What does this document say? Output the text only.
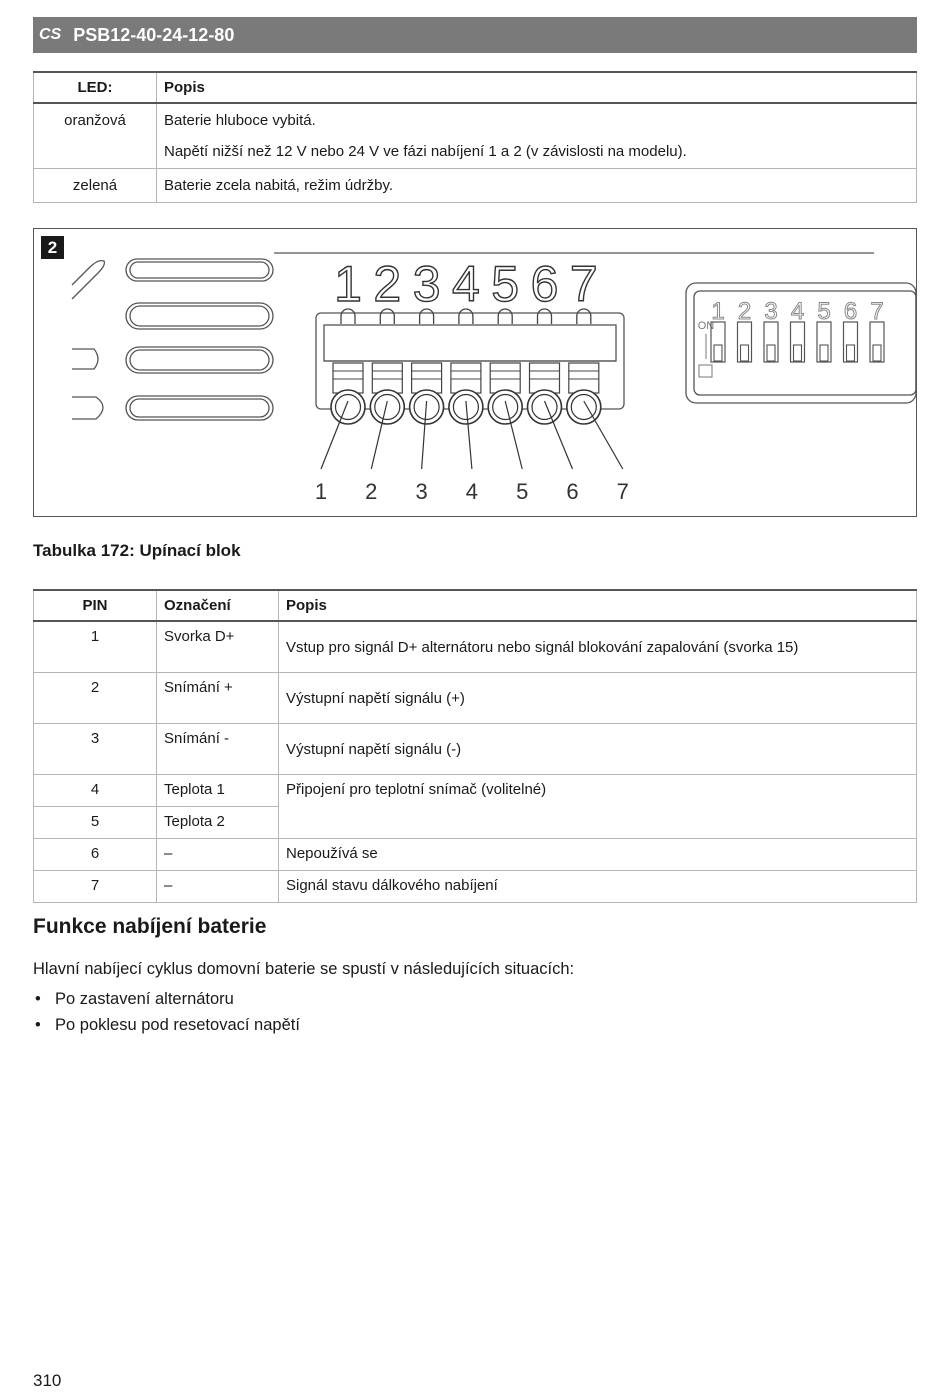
CS PSB12-40-24-12-80
LED:	Popis
oranžová	Baterie hluboce vybitá.
Napětí nižší než 12 V nebo 24 V ve fázi nabíjení 1 a 2 (v závislosti na modelu).

zelená	Baterie zcela nabitá, režim údržby.
1 2 3 4 5 6 7
ON
1 2 3 4 5 6 7
1 2 3 4 5 6 7
2
Tabulka 172: Upínací blok
PIN	Označení	Popis
1	Svorka D+	Vstup pro signál D+ alternátoru nebo signál blokování zapalování (svorka 15)
2	Snímání +	Výstupní napětí signálu (+)
3	Snímání -	Výstupní napětí signálu (-)
4	Teplota 1	Připojení pro teplotní snímač (volitelné)
5	Teplota 2	
6	–	Nepoužívá se
7	–	Signál stavu dálkového nabíjení
Funkce nabíjení baterie

Hlavní nabíjecí cyklus domovní baterie se spustí v následujících situacích:

• Po zastavení alternátoru
• Po poklesu pod resetovací napětí
310
